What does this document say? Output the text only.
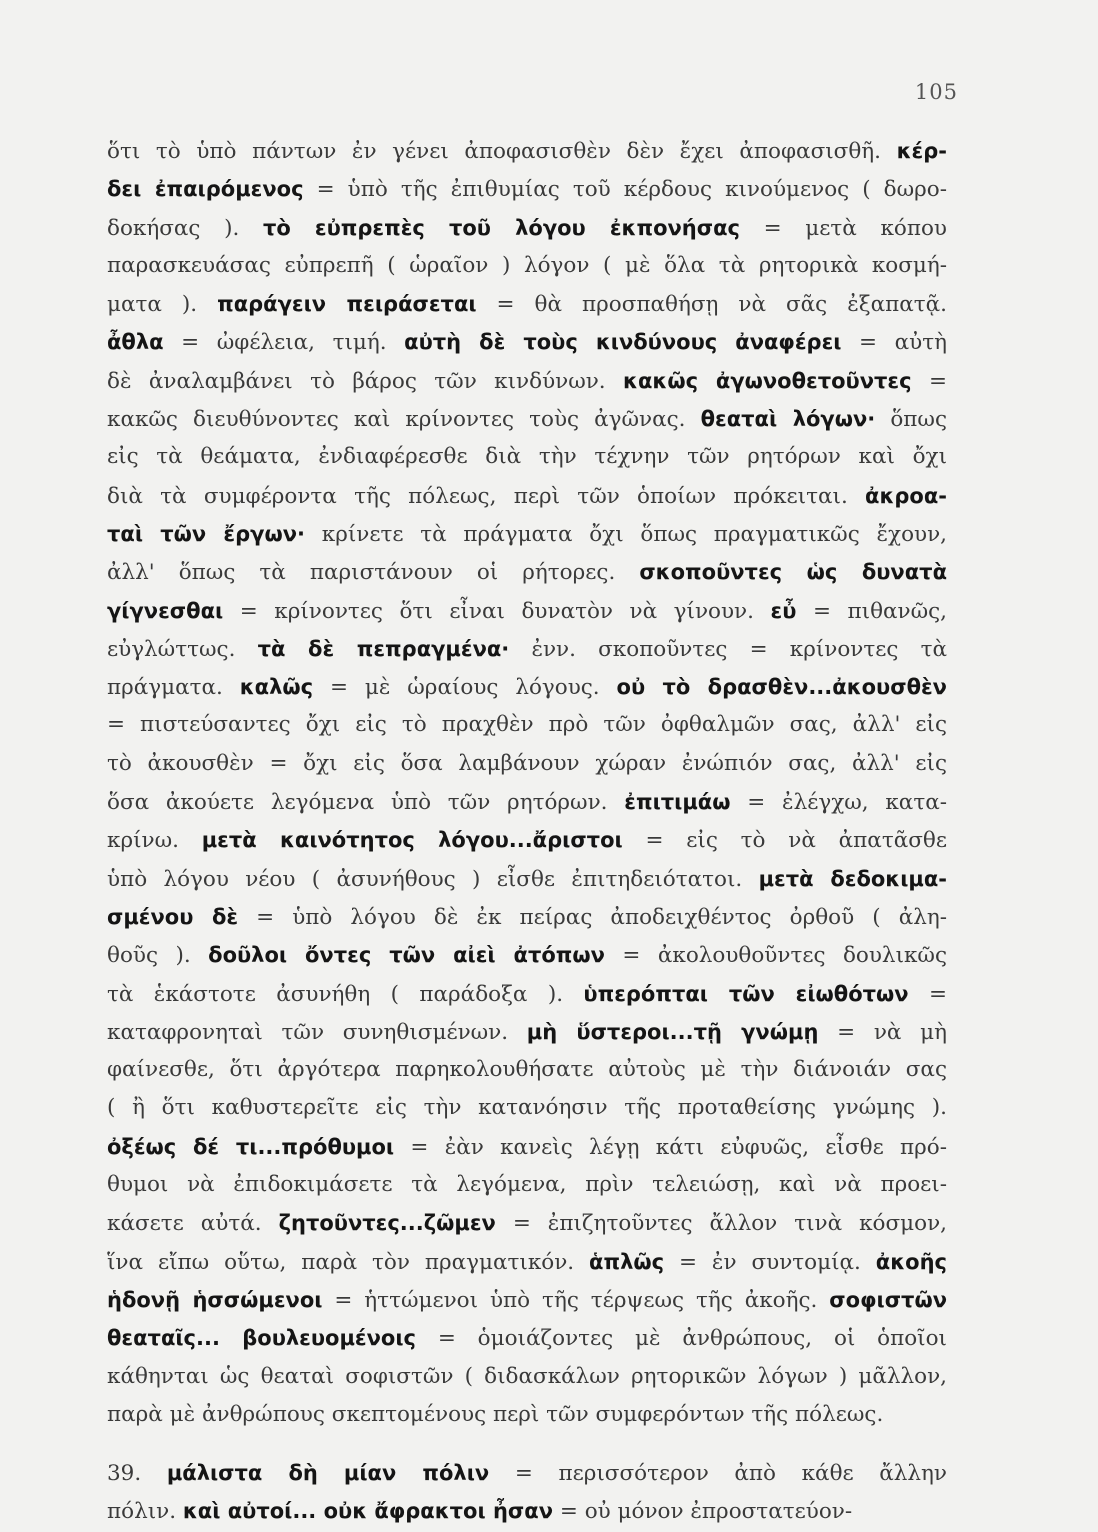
105
ὅτι τὸ ὑπὸ πάντων ἐν γένει ἀποφασισθὲν δὲν ἔχει ἀποφασισθῆ. κέρ-
δει ἐπαιρόμενος = ὑπὸ τῆς ἐπιθυμίας τοῦ κέρδους κινούμενος ( δωρο-
δοκήσας ). τὸ εὐπρεπὲς τοῦ λόγου ἐκπονήσας = μετὰ κόπου
παρασκευάσας εὐπρεπῆ ( ὡραῖον ) λόγον ( μὲ ὅλα τὰ ρητορικὰ κοσμή-
ματα ). παράγειν πειράσεται = θὰ προσπαθήσῃ νὰ σᾶς ἐξαπατᾷ.
ἆθλα = ὠφέλεια, τιμή. αὐτὴ δὲ τοὺς κινδύνους ἀναφέρει = αὐτὴ
δὲ ἀναλαμβάνει τὸ βάρος τῶν κινδύνων. κακῶς ἀγωνοθετοῦντες =
κακῶς διευθύνοντες καὶ κρίνοντες τοὺς ἀγῶνας. θεαταὶ λόγων· ὅπως
εἰς τὰ θεάματα, ἐνδιαφέρεσθε διὰ τὴν τέχνην τῶν ρητόρων καὶ ὄχι
διὰ τὰ συμφέροντα τῆς πόλεως, περὶ τῶν ὁποίων πρόκειται. ἀκροα-
ταὶ τῶν ἔργων· κρίνετε τὰ πράγματα ὄχι ὅπως πραγματικῶς ἔχουν,
ἀλλ' ὅπως τὰ παριστάνουν οἱ ρήτορες. σκοποῦντες ὡς δυνατὰ
γίγνεσθαι = κρίνοντες ὅτι εἶναι δυνατὸν νὰ γίνουν. εὖ = πιθανῶς,
εὐγλώττως. τὰ δὲ πεπραγμένα· ἐνν. σκοποῦντες = κρίνοντες τὰ
πράγματα. καλῶς = μὲ ὡραίους λόγους. οὐ τὸ δρασθὲν...ἀκουσθὲν
= πιστεύσαντες ὄχι εἰς τὸ πραχθὲν πρὸ τῶν ὀφθαλμῶν σας, ἀλλ' εἰς
τὸ ἀκουσθὲν = ὄχι εἰς ὅσα λαμβάνουν χώραν ἐνώπιόν σας, ἀλλ' εἰς
ὅσα ἀκούετε λεγόμενα ὑπὸ τῶν ρητόρων. ἐπιτιμάω = ἐλέγχω, κατα-
κρίνω. μετὰ καινότητος λόγου...ἄριστοι = εἰς τὸ νὰ ἀπατᾶσθε
ὑπὸ λόγου νέου ( ἀσυνήθους ) εἶσθε ἐπιτηδειότατοι. μετὰ δεδοκιμα-
σμένου δὲ = ὑπὸ λόγου δὲ ἐκ πείρας ἀποδειχθέντος ὀρθοῦ ( ἀλη-
θοῦς ). δοῦλοι ὄντες τῶν αἰεὶ ἀτόπων = ἀκολουθοῦντες δουλικῶς
τὰ ἑκάστοτε ἀσυνήθη ( παράδοξα ). ὑπερόπται τῶν εἰωθότων =
καταφρονηταὶ τῶν συνηθισμένων. μὴ ὕστεροι...τῇ γνώμῃ = νὰ μὴ
φαίνεσθε, ὅτι ἀργότερα παρηκολουθήσατε αὐτοὺς μὲ τὴν διάνοιάν σας
( ἢ ὅτι καθυστερεῖτε εἰς τὴν κατανόησιν τῆς προταθείσης γνώμης ).
ὀξέως δέ τι...πρόθυμοι = ἐὰν κανεὶς λέγῃ κάτι εὐφυῶς, εἶσθε πρό-
θυμοι νὰ ἐπιδοκιμάσετε τὰ λεγόμενα, πρὶν τελειώσῃ, καὶ νὰ προει-
κάσετε αὐτά. ζητοῦντες...ζῶμεν = ἐπιζητοῦντες ἄλλον τινὰ κόσμον,
ἵνα εἴπω οὕτω, παρὰ τὸν πραγματικόν. ἁπλῶς = ἐν συντομίᾳ. ἀκοῆς
ἡδονῇ ἡσσώμενοι = ἡττώμενοι ὑπὸ τῆς τέρψεως τῆς ἀκοῆς. σοφιστῶν
θεαταῖς... βουλευομένοις = ὁμοιάζοντες μὲ ἀνθρώπους, οἱ ὁποῖοι
κάθηνται ὡς θεαταὶ σοφιστῶν ( διδασκάλων ρητορικῶν λόγων ) μᾶλλον,
παρὰ μὲ ἀνθρώπους σκεπτομένους περὶ τῶν συμφερόντων τῆς πόλεως.
39. μάλιστα δὴ μίαν πόλιν = περισσότερον ἀπὸ κάθε ἄλλην
πόλιν. καὶ αὐτοί... οὐκ ἄφρακτοι ἦσαν = οὐ μόνον ἐπροστατεύον-
